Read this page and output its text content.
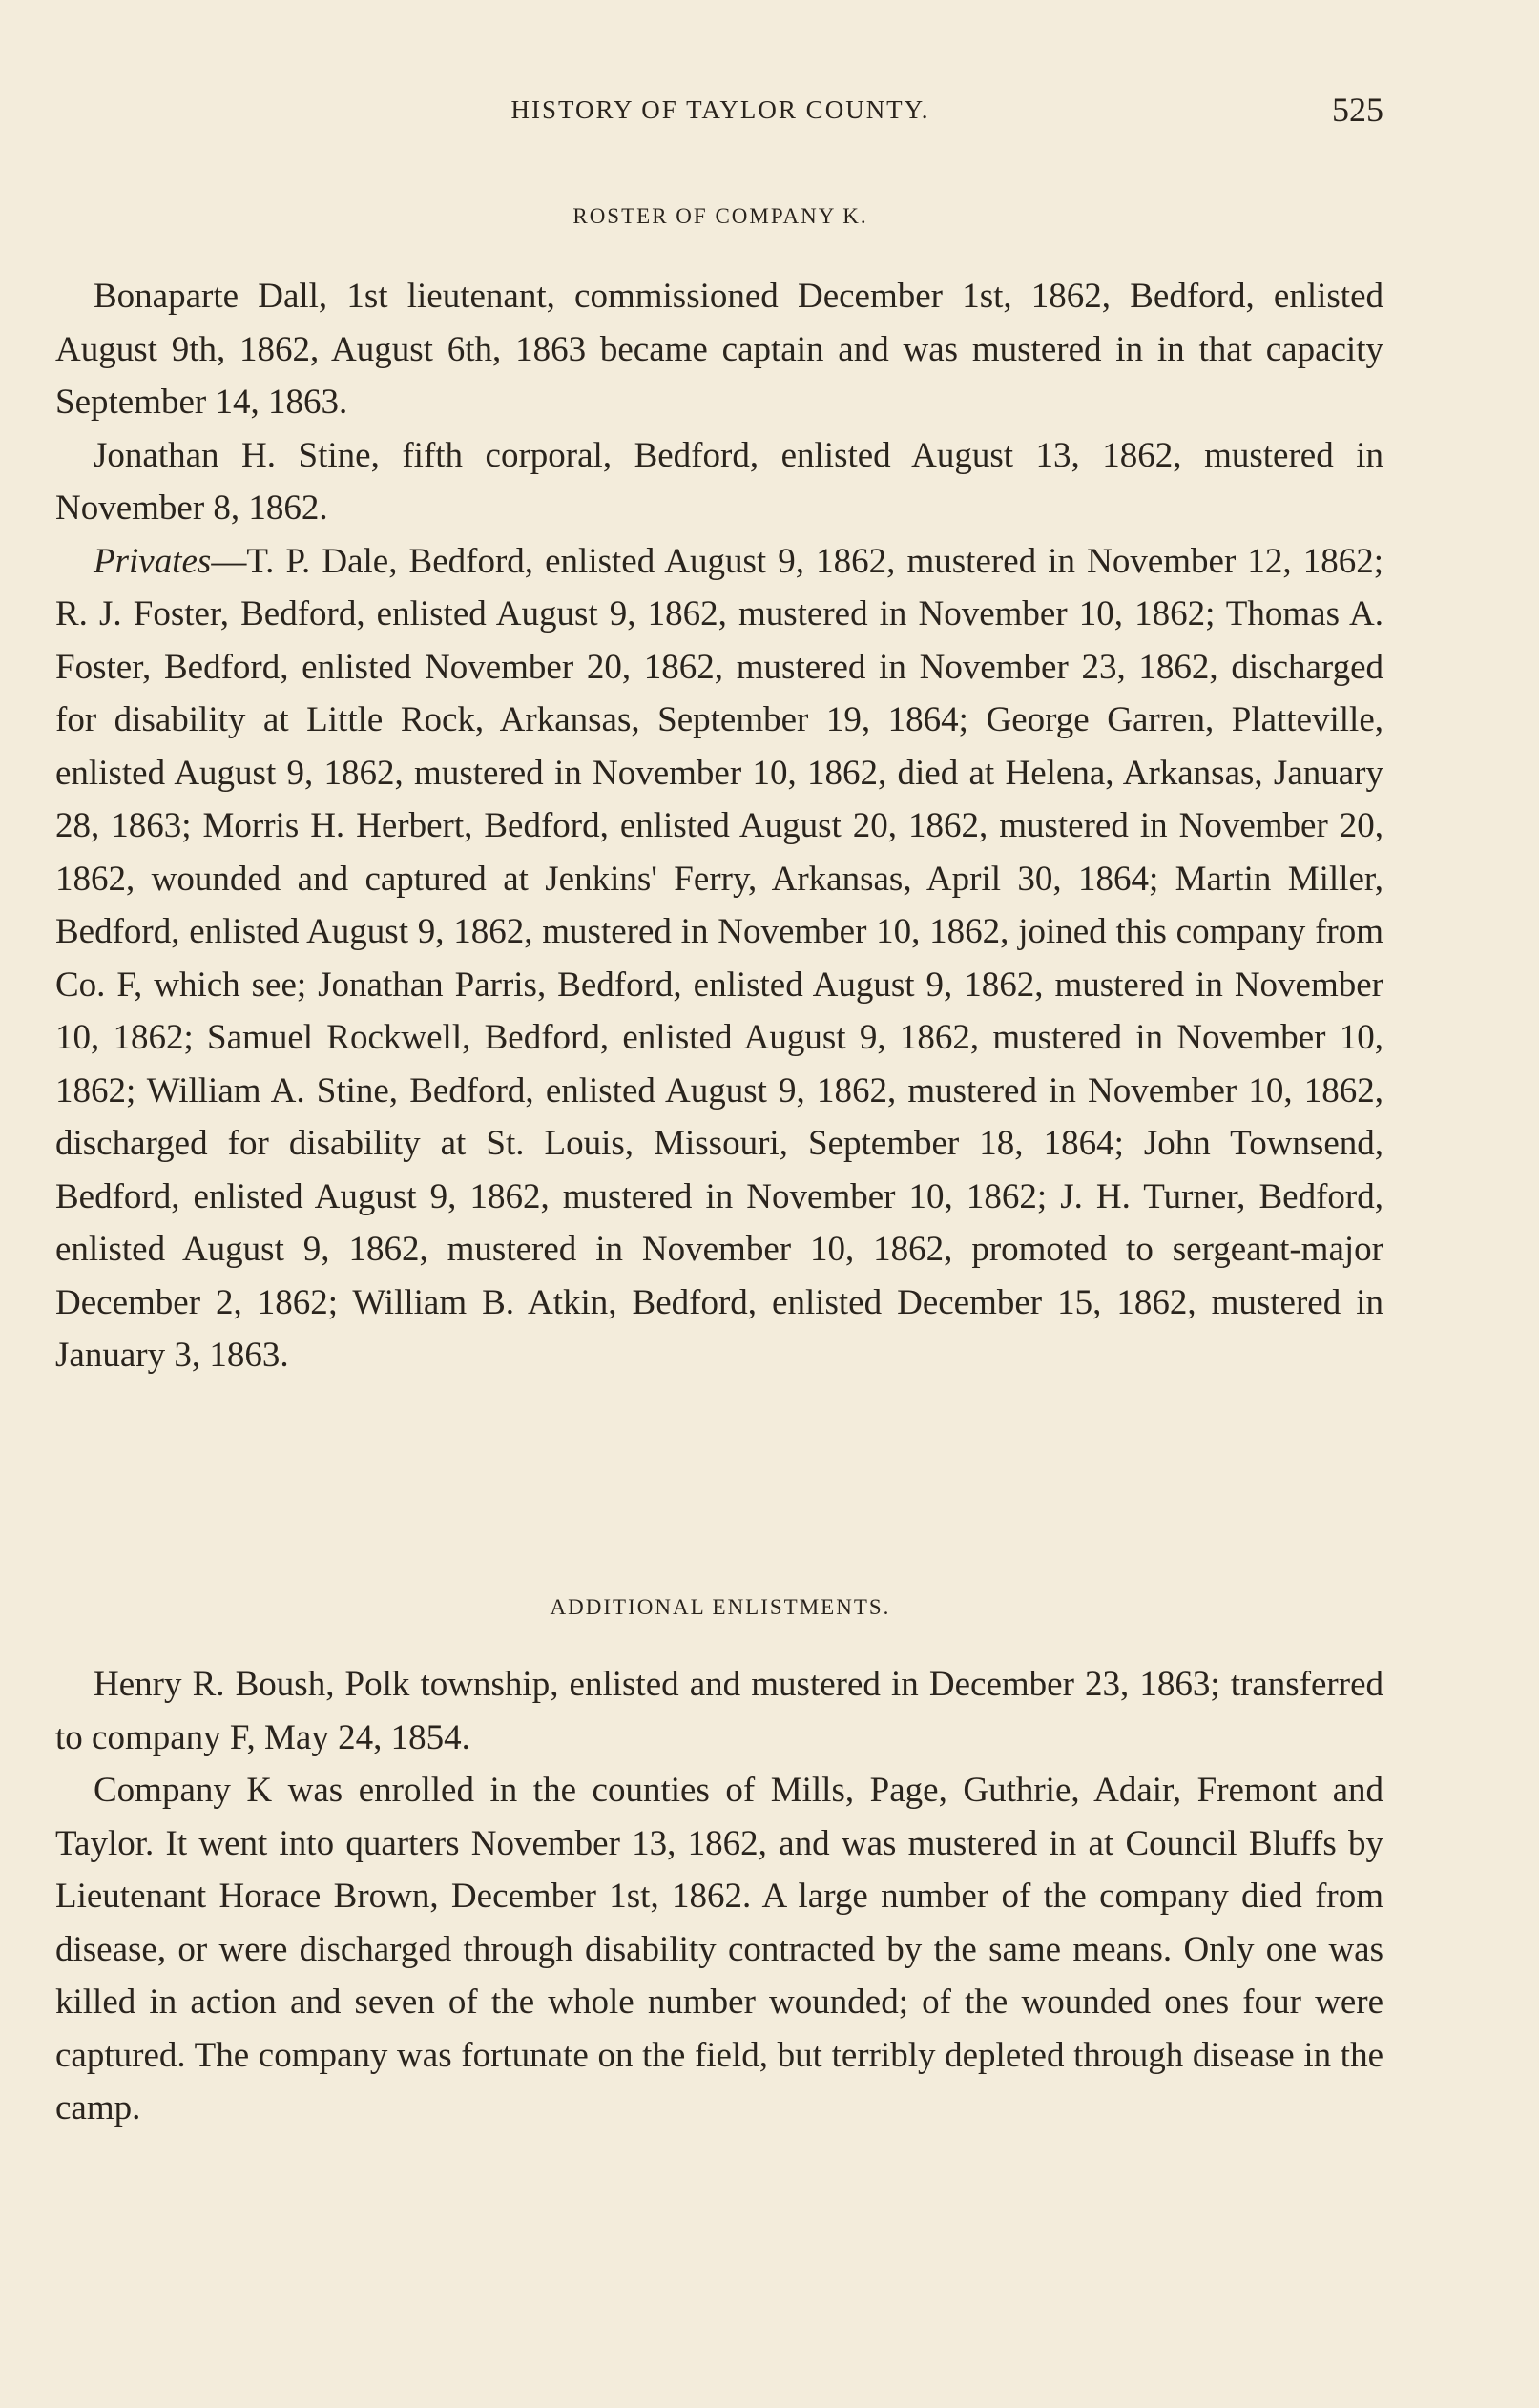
HISTORY OF TAYLOR COUNTY.	525
ROSTER OF COMPANY K.

Bonaparte Dall, 1st lieutenant, commissioned December 1st, 1862, Bedford, enlisted August 9th, 1862, August 6th, 1863 became captain and was mustered in in that capacity September 14, 1863.

Jonathan H. Stine, fifth corporal, Bedford, enlisted August 13, 1862, mustered in November 8, 1862.

Privates—T. P. Dale, Bedford, enlisted August 9, 1862, mustered in November 12, 1862; R. J. Foster, Bedford, enlisted August 9, 1862, mustered in November 10, 1862; Thomas A. Foster, Bedford, enlisted November 20, 1862, mustered in November 23, 1862, discharged for disability at Little Rock, Arkansas, September 19, 1864; George Garren, Platteville, enlisted August 9, 1862, mustered in November 10, 1862, died at Helena, Arkansas, January 28, 1863; Morris H. Herbert, Bedford, enlisted August 20, 1862, mustered in November 20, 1862, wounded and captured at Jenkins' Ferry, Arkansas, April 30, 1864; Martin Miller, Bedford, enlisted August 9, 1862, mustered in November 10, 1862, joined this company from Co. F, which see; Jonathan Parris, Bedford, enlisted August 9, 1862, mustered in November 10, 1862; Samuel Rockwell, Bedford, enlisted August 9, 1862, mustered in November 10, 1862; William A. Stine, Bedford, enlisted August 9, 1862, mustered in November 10, 1862, discharged for disability at St. Louis, Missouri, September 18, 1864; John Townsend, Bedford, enlisted August 9, 1862, mustered in November 10, 1862; J. H. Turner, Bedford, enlisted August 9, 1862, mustered in November 10, 1862, promoted to sergeant-major December 2, 1862; William B. Atkin, Bedford, enlisted December 15, 1862, mustered in January 3, 1863.

ADDITIONAL ENLISTMENTS.

Henry R. Boush, Polk township, enlisted and mustered in December 23, 1863; transferred to company F, May 24, 1854.

Company K was enrolled in the counties of Mills, Page, Guthrie, Adair, Fremont and Taylor. It went into quarters November 13, 1862, and was mustered in at Council Bluffs by Lieutenant Horace Brown, December 1st, 1862. A large number of the company died from disease, or were discharged through disability contracted by the same means. Only one was killed in action and seven of the whole number wounded; of the wounded ones four were captured. The company was fortunate on the field, but terribly depleted through disease in the camp.
